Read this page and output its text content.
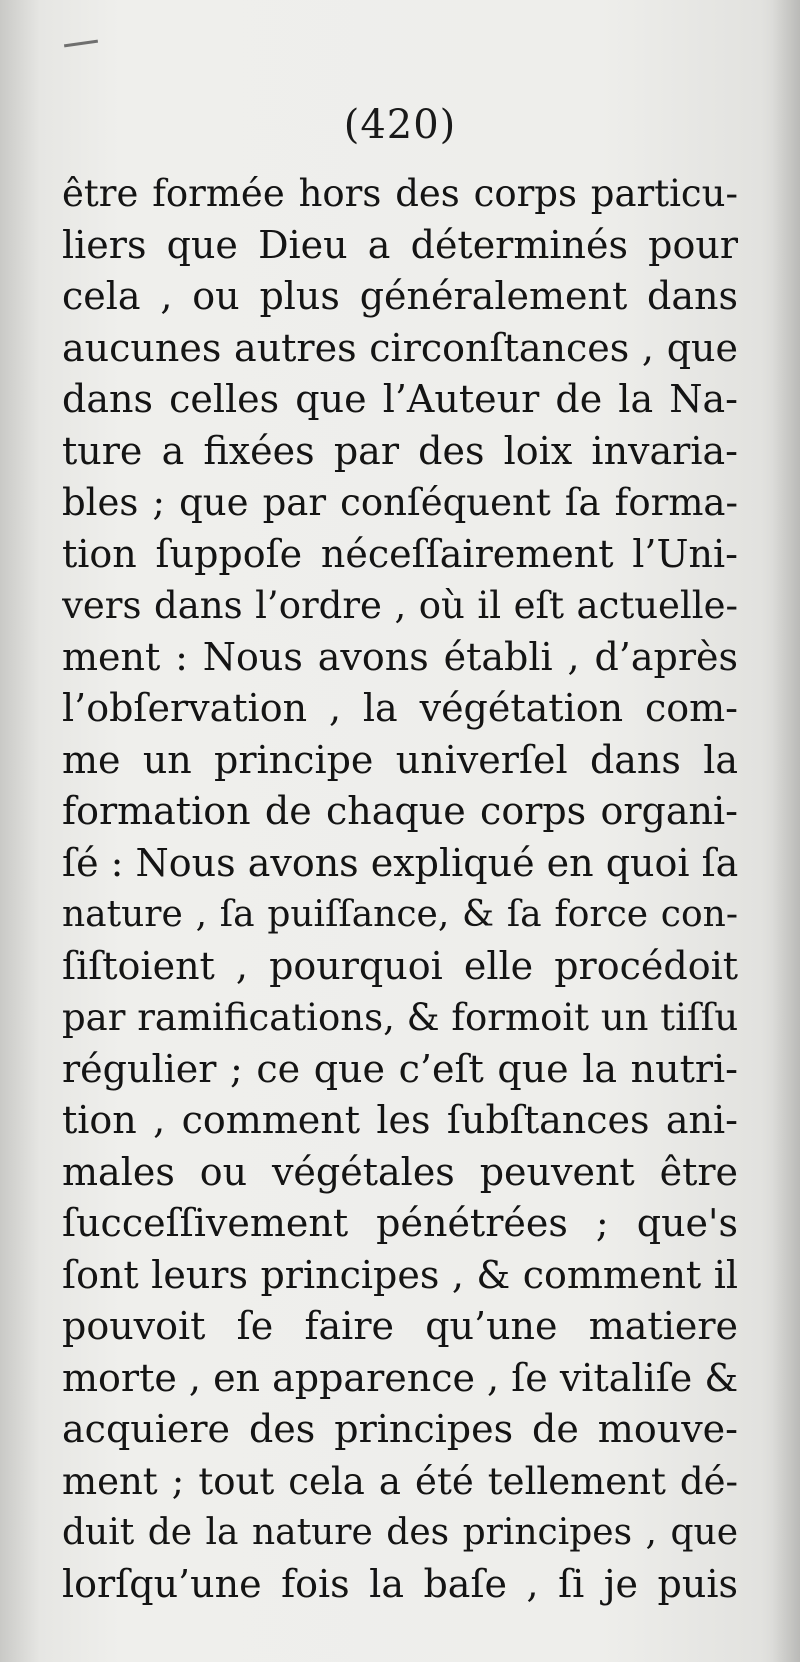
(420)
être formée hors des corps particu-
liers que Dieu a déterminés pour
cela , ou plus généralement dans
aucunes autres circonſtances , que
dans celles que l’Auteur de la Na-
ture a fixées par des loix invaria-
bles ; que par conſéquent ſa forma-
tion ſuppoſe néceſſairement l’Uni-
vers dans l’ordre , où il eſt actuelle-
ment : Nous avons établi , d’après
l’obſervation , la végétation com-
me un principe univerſel dans la
formation de chaque corps organi-
ſé : Nous avons expliqué en quoi ſa
nature , ſa puiſſance, & ſa force con-
ſiſtoient , pourquoi elle procédoit
par ramifications, & formoit un tiſſu
régulier ; ce que c’eſt que la nutri-
tion , comment les ſubſtances ani-
males ou végétales peuvent être
ſucceſſivement pénétrées ; que's
ſont leurs principes , & comment il
pouvoit ſe faire qu’une matiere
morte , en apparence , ſe vitaliſe &
acquiere des principes de mouve-
ment ; tout cela a été tellement dé-
duit de la nature des principes , que
lorſqu’une fois la baſe , ſi je puis
